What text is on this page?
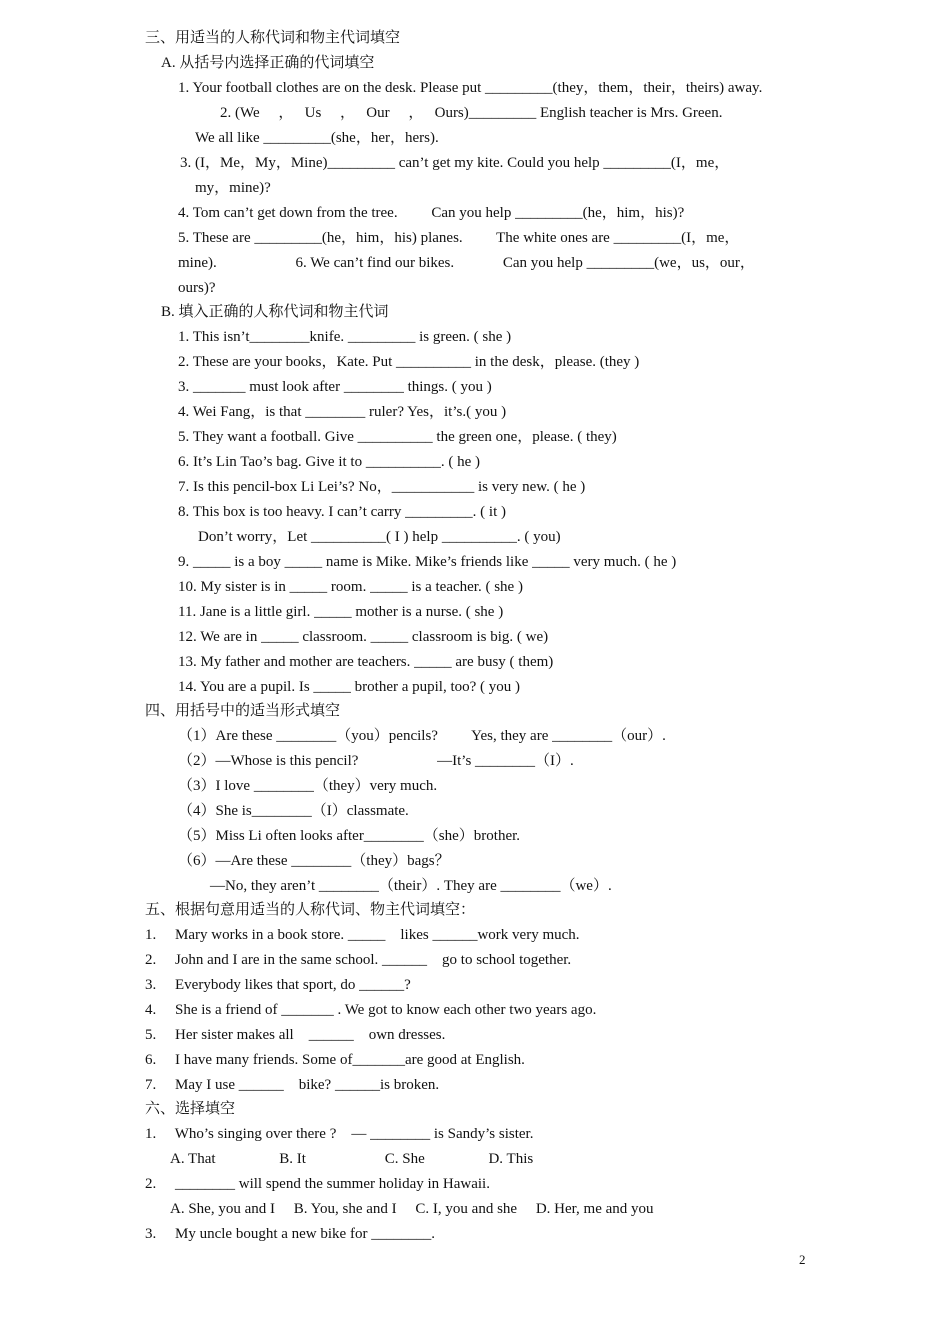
三、用适当的人称代词和物主代词填空
A. 从括号内选择正确的代词填空
1. Your football clothes are on the desk. Please put _________(they，them，their，theirs) away.
2. (We　 ，　 Us　 ，　 Our　 ，　 Ours)_________ English teacher is Mrs. Green.
We all like _________(she，her，hers).
3. (I，Me，My，Mine)_________ can’t get my kite. Could you help _________(I，me，
my，mine)?
4. Tom can’t get down from the tree.　　 Can you help _________(he，him，his)?
5. These are _________(he，him，his) planes.　　 The white ones are _________(I，me，
mine).　　　　　 6. We can’t find our bikes.　　　 Can you help _________(we，us，our，
ours)?
B. 填入正确的人称代词和物主代词
1. This isn’t________knife. _________ is green. ( she )
2. These are your books，Kate. Put __________ in the desk，please. (they )
3. _______ must look after ________ things. ( you )
4. Wei Fang，is that ________ ruler? Yes，it’s.( you )
5. They want a football. Give __________ the green one，please. ( they)
6. It’s Lin Tao’s bag. Give it to __________. ( he )
7. Is this pencil-box Li Lei’s? No，___________ is very new. ( he )
8. This box is too heavy. I can’t carry _________. ( it )
Don’t worry，Let __________( I ) help __________. ( you)
9. _____ is a boy _____ name is Mike. Mike’s friends like _____ very much. ( he )
10. My sister is in _____ room. _____ is a teacher. ( she )
11. Jane is a little girl. _____ mother is a nurse. ( she )
12. We are in _____ classroom. _____ classroom is big. ( we)
13. My father and mother are teachers. _____ are busy ( them)
14. You are a pupil. Is _____ brother a pupil, too? ( you )
四、用括号中的适当形式填空
（1）Are these ________（you）pencils?　　 Yes, they are ________（our）.
（2）—Whose is this pencil?　　　　　 —It’s ________（I）.
（3）I love ________（they）very much.
（4）She is________（I）classmate.
（5）Miss Li often looks after________（she）brother.
（6）—Are these ________（they）bags？
—No, they aren’t ________（their）. They are ________（we）.
五、根据句意用适当的人称代词、物主代词填空：
1.　 Mary works in a book store. _____　likes ______work very much.
2.　 John and I are in the same school. ______　go to school together.
3.　 Everybody likes that sport, do ______?
4.　 She is a friend of _______ . We got to know each other two years ago.
5.　 Her sister makes all　______　own dresses.
6.　 I have many friends. Some of_______are good at English.
7.　 May I use ______　bike? ______is broken.
六、选择填空
1.　 Who’s singing over there ?　— ________ is Sandy’s sister.
A. That　　　　 B. It　　　　　 C. She　　　　 D. This
2.　 ________ will spend the summer holiday in Hawaii.
A. She, you and I　 B. You, she and I　 C. I, you and she　 D. Her, me and you
3.　 My uncle bought a new bike for ________.
2
